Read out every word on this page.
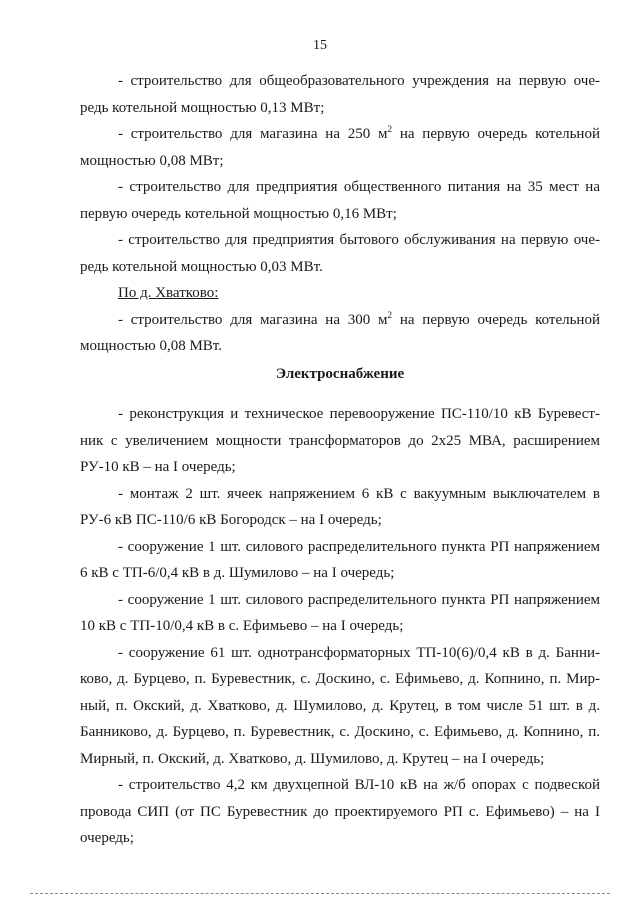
15

- строительство для общеобразовательного учреждения на первую оче-
редь котельной мощностью 0,13 МВт;

- строительство для магазина на 250 $м^2$ на первую очередь котельной
мощностью 0,08 МВт;

- строительство для предприятия общественного питания на 35 мест на
первую очередь котельной мощностью 0,16 МВт;

- строительство для предприятия бытового обслуживания на первую оче-
редь котельной мощностью 0,03 МВт.

По д. Хватково:

- строительство для магазина на 300 $м^2$ на первую очередь котельной
мощностью 0,08 МВт.

Электроснабжение

- реконструкция и техническое перевооружение ПС-110/10 кВ Буревест-
ник с увеличением мощности трансформаторов до 2х25 МВА, расширением
РУ-10 кВ – на I очередь;

- монтаж 2 шт. ячеек напряжением 6 кВ с вакуумным выключателем в
РУ-6 кВ ПС-110/6 кВ Богородск – на I очередь;

- сооружение 1 шт. силового распределительного пункта РП напряжением
6 кВ с ТП-6/0,4 кВ в д. Шумилово – на I очередь;

- сооружение 1 шт. силового распределительного пункта РП напряжением
10 кВ с ТП-10/0,4 кВ в с. Ефимьево – на I очередь;

- сооружение 61 шт. однотрансформаторных ТП-10(6)/0,4 кВ в д. Банни-
ково, д. Бурцево, п. Буревестник, с. Доскино, с. Ефимьево, д. Копнино, п. Мир-
ный, п. Окский, д. Хватково, д. Шумилово, д. Крутец, в том числе 51 шт. в д.
Банниково, д. Бурцево, п. Буревестник, с. Доскино, с. Ефимьево, д. Копнино, п.
Мирный, п. Окский, д. Хватково, д. Шумилово, д. Крутец – на I очередь;

- строительство 4,2 км двухцепной ВЛ-10 кВ на ж/б опорах с подвеской
провода СИП (от ПС Буревестник до проектируемого РП с. Ефимьево) – на I
очередь;
